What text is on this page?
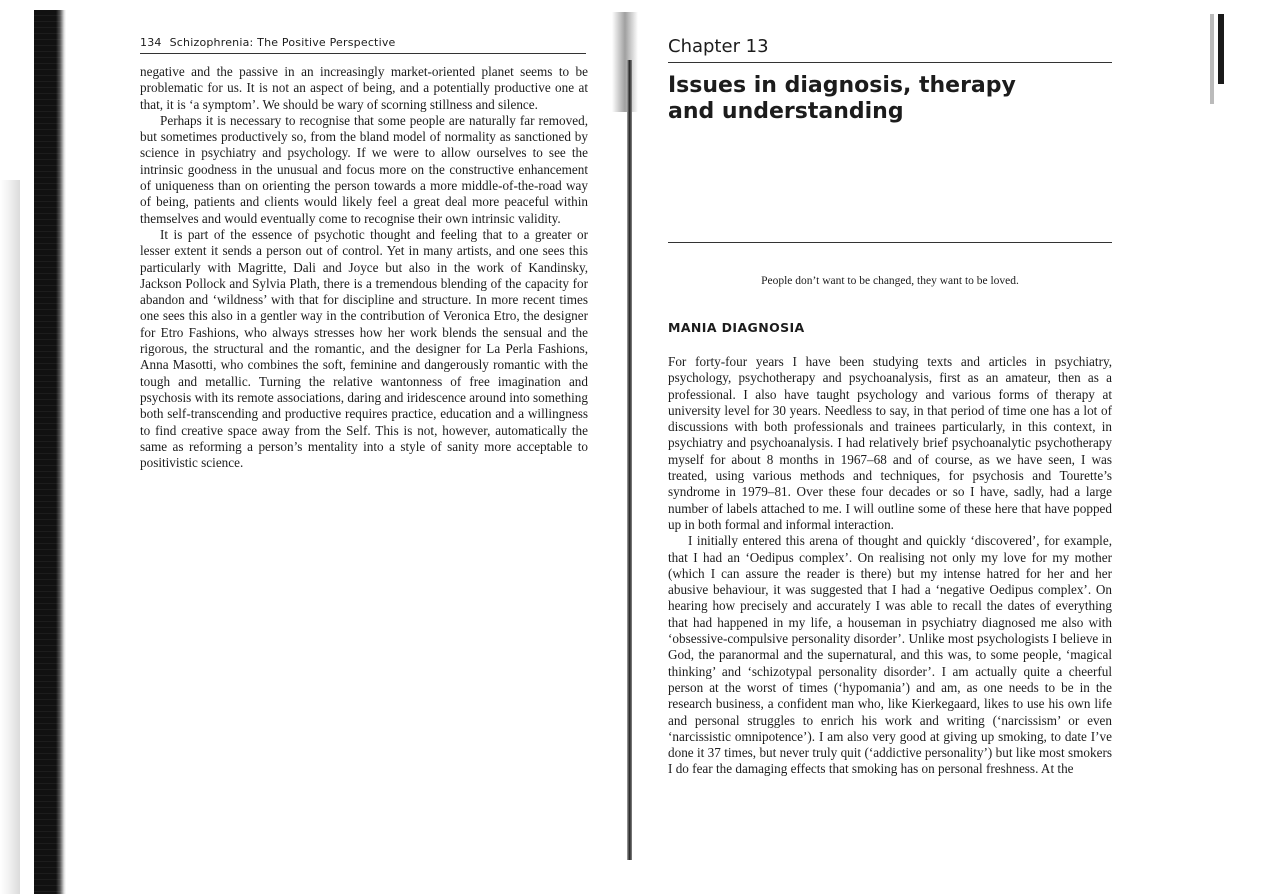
134 Schizophrenia: The Positive Perspective

negative and the passive in an increasingly market-oriented planet seems to be problematic for us. It is not an aspect of being, and a potentially productive one at that, it is ‘a symptom’. We should be wary of scorning stillness and silence.

Perhaps it is necessary to recognise that some people are naturally far removed, but sometimes productively so, from the bland model of normality as sanctioned by science in psychiatry and psychology. If we were to allow ourselves to see the intrinsic goodness in the unusual and focus more on the constructive enhancement of uniqueness than on orienting the person towards a more middle-of-the-road way of being, patients and clients would likely feel a great deal more peaceful within themselves and would eventually come to recognise their own intrinsic validity.

It is part of the essence of psychotic thought and feeling that to a greater or lesser extent it sends a person out of control. Yet in many artists, and one sees this particularly with Magritte, Dali and Joyce but also in the work of Kandinsky, Jackson Pollock and Sylvia Plath, there is a tremendous blending of the capacity for abandon and ‘wildness’ with that for discipline and structure. In more recent times one sees this also in a gentler way in the contribution of Veronica Etro, the designer for Etro Fashions, who always stresses how her work blends the sensual and the rigorous, the structural and the romantic, and the designer for La Perla Fashions, Anna Masotti, who combines the soft, feminine and dangerously romantic with the tough and metallic. Turning the relative wantonness of free imagination and psychosis with its remote associations, daring and iridescence around into something both self-transcending and productive requires practice, education and a willingness to find creative space away from the Self. This is not, however, automatically the same as reforming a person’s mentality into a style of sanity more acceptable to positivistic science.

Chapter 13

Issues in diagnosis, therapy
and understanding
People don’t want to be changed, they want to be loved.
MANIA DIAGNOSIA

For forty-four years I have been studying texts and articles in psychiatry, psychology, psychotherapy and psychoanalysis, first as an amateur, then as a professional. I also have taught psychology and various forms of therapy at university level for 30 years. Needless to say, in that period of time one has a lot of discussions with both professionals and trainees particularly, in this context, in psychiatry and psychoanalysis. I had relatively brief psychoanalytic psychotherapy myself for about 8 months in 1967–68 and of course, as we have seen, I was treated, using various methods and techniques, for psychosis and Tourette’s syndrome in 1979–81. Over these four decades or so I have, sadly, had a large number of labels attached to me. I will outline some of these here that have popped up in both formal and informal interaction.

I initially entered this arena of thought and quickly ‘discovered’, for example, that I had an ‘Oedipus complex’. On realising not only my love for my mother (which I can assure the reader is there) but my intense hatred for her and her abusive behaviour, it was suggested that I had a ‘negative Oedipus complex’. On hearing how precisely and accurately I was able to recall the dates of everything that had happened in my life, a houseman in psychiatry diagnosed me also with ‘obsessive-compulsive personality disorder’. Unlike most psychologists I believe in God, the paranormal and the supernatural, and this was, to some people, ‘magical thinking’ and ‘schizotypal personality disorder’. I am actually quite a cheerful person at the worst of times (‘hypomania’) and am, as one needs to be in the research business, a confident man who, like Kierkegaard, likes to use his own life and personal struggles to enrich his work and writing (‘narcissism’ or even ‘narcissistic omnipotence’). I am also very good at giving up smoking, to date I’ve done it 37 times, but never truly quit (‘addictive personality’) but like most smokers I do fear the damaging effects that smoking has on personal freshness. At the
